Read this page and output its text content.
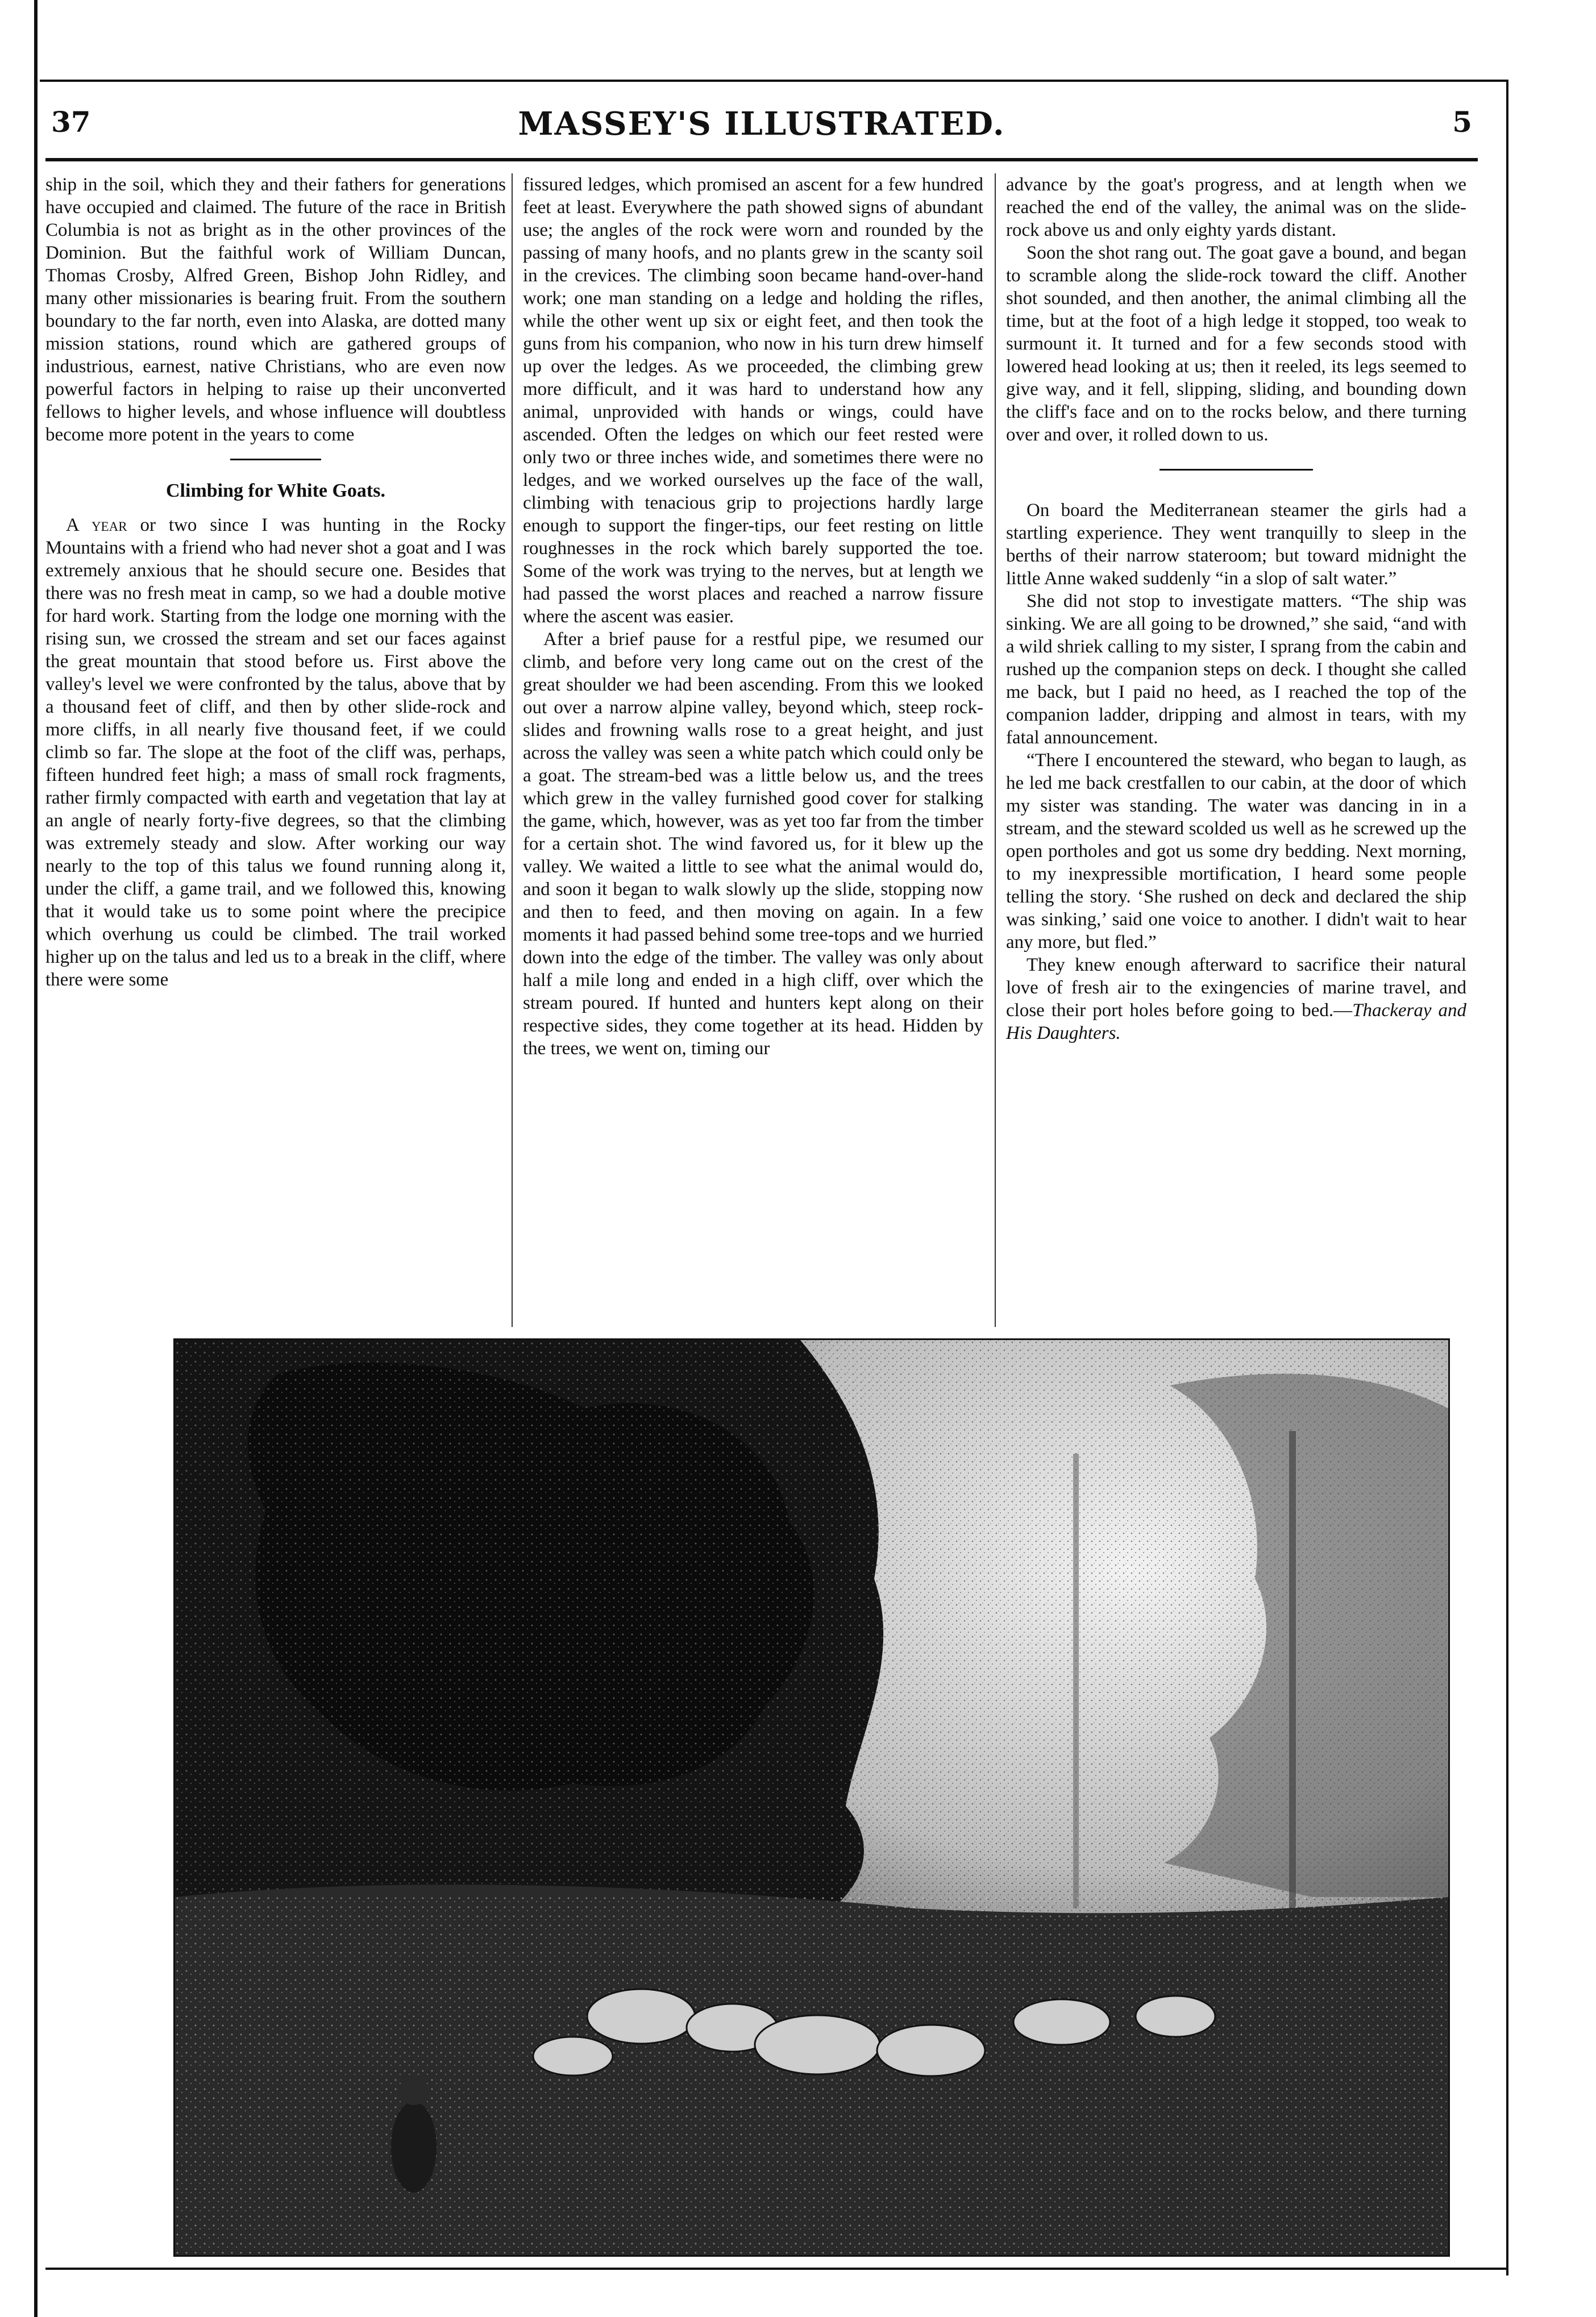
37	MASSEY'S ILLUSTRATED.	5

ship in the soil, which they and their fathers for generations have occupied and claimed. The future of the race in British Columbia is not as bright as in the other provinces of the Dominion. But the faithful work of William Duncan, Thomas Crosby, Alfred Green, Bishop John Ridley, and many other missionaries is bearing fruit. From the southern boundary to the far north, even into Alaska, are dotted many mission stations, round which are gathered groups of industrious, earnest, native Christians, who are even now powerful factors in helping to raise up their unconverted fellows to higher levels, and whose influence will doubtless become more potent in the years to come

Climbing for White Goats.

A year or two since I was hunting in the Rocky Mountains with a friend who had never shot a goat and I was extremely anxious that he should secure one. Besides that there was no fresh meat in camp, so we had a double motive for hard work. Starting from the lodge one morning with the rising sun, we crossed the stream and set our faces against the great mountain that stood before us. First above the valley's level we were confronted by the talus, above that by a thousand feet of cliff, and then by other slide-rock and more cliffs, in all nearly five thousand feet, if we could climb so far. The slope at the foot of the cliff was, perhaps, fifteen hundred feet high; a mass of small rock fragments, rather firmly compacted with earth and vegetation that lay at an angle of nearly forty-five degrees, so that the climbing was extremely steady and slow. After working our way nearly to the top of this talus we found running along it, under the cliff, a game trail, and we followed this, knowing that it would take us to some point where the precipice which overhung us could be climbed. The trail worked higher up on the talus and led us to a break in the cliff, where there were some

fissured ledges, which promised an ascent for a few hundred feet at least. Everywhere the path showed signs of abundant use; the angles of the rock were worn and rounded by the passing of many hoofs, and no plants grew in the scanty soil in the crevices. The climbing soon became hand-over-hand work; one man standing on a ledge and holding the rifles, while the other went up six or eight feet, and then took the guns from his companion, who now in his turn drew himself up over the ledges. As we proceeded, the climbing grew more difficult, and it was hard to understand how any animal, unprovided with hands or wings, could have ascended. Often the ledges on which our feet rested were only two or three inches wide, and sometimes there were no ledges, and we worked ourselves up the face of the wall, climbing with tenacious grip to projections hardly large enough to support the finger-tips, our feet resting on little roughnesses in the rock which barely supported the toe. Some of the work was trying to the nerves, but at length we had passed the worst places and reached a narrow fissure where the ascent was easier.

After a brief pause for a restful pipe, we resumed our climb, and before very long came out on the crest of the great shoulder we had been ascending. From this we looked out over a narrow alpine valley, beyond which, steep rock-slides and frowning walls rose to a great height, and just across the valley was seen a white patch which could only be a goat. The stream-bed was a little below us, and the trees which grew in the valley furnished good cover for stalking the game, which, however, was as yet too far from the timber for a certain shot. The wind favored us, for it blew up the valley. We waited a little to see what the animal would do, and soon it began to walk slowly up the slide, stopping now and then to feed, and then moving on again. In a few moments it had passed behind some tree-tops and we hurried down into the edge of the timber. The valley was only about half a mile long and ended in a high cliff, over which the stream poured. If hunted and hunters kept along on their respective sides, they come together at its head. Hidden by the trees, we went on, timing our

advance by the goat's progress, and at length when we reached the end of the valley, the animal was on the slide-rock above us and only eighty yards distant.

Soon the shot rang out. The goat gave a bound, and began to scramble along the slide-rock toward the cliff. Another shot sounded, and then another, the animal climbing all the time, but at the foot of a high ledge it stopped, too weak to surmount it. It turned and for a few seconds stood with lowered head looking at us; then it reeled, its legs seemed to give way, and it fell, slipping, sliding, and bounding down the cliff's face and on to the rocks below, and there turning over and over, it rolled down to us.

On board the Mediterranean steamer the girls had a startling experience. They went tranquilly to sleep in the berths of their narrow stateroom; but toward midnight the little Anne waked suddenly “in a slop of salt water.”

She did not stop to investigate matters. “The ship was sinking. We are all going to be drowned,” she said, “and with a wild shriek calling to my sister, I sprang from the cabin and rushed up the companion steps on deck. I thought she called me back, but I paid no heed, as I reached the top of the companion ladder, dripping and almost in tears, with my fatal announcement.

“There I encountered the steward, who began to laugh, as he led me back crestfallen to our cabin, at the door of which my sister was standing. The water was dancing in in a stream, and the steward scolded us well as he screwed up the open portholes and got us some dry bedding. Next morning, to my inexpressible mortification, I heard some people telling the story. ‘She rushed on deck and declared the ship was sinking,’ said one voice to another. I didn't wait to hear any more, but fled.”

They knew enough afterward to sacrifice their natural love of fresh air to the exingencies of marine travel, and close their port holes before going to bed.—Thackeray and His Daughters.
